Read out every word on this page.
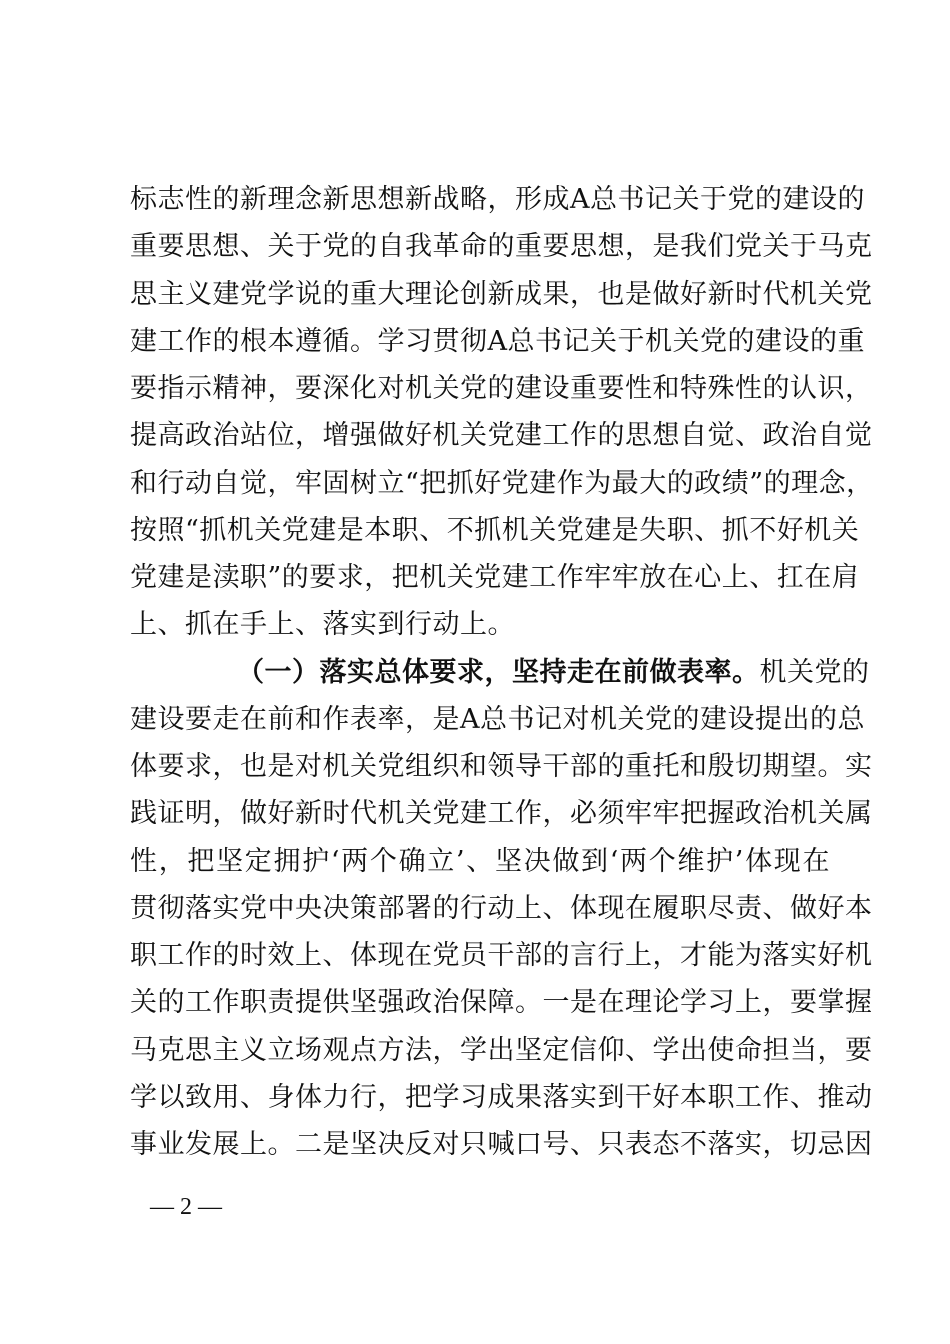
标志性的新理念新思想新战略，形成A总书记关于党的建设的
重要思想、关于党的自我革命的重要思想，是我们党关于马克
思主义建党学说的重大理论创新成果，也是做好新时代机关党
建工作的根本遵循。学习贯彻A总书记关于机关党的建设的重
要指示精神，要深化对机关党的建设重要性和特殊性的认识，
提高政治站位，增强做好机关党建工作的思想自觉、政治自觉
和行动自觉，牢固树立“把抓好党建作为最大的政绩”的理念，
按照“抓机关党建是本职、不抓机关党建是失职、抓不好机关
党建是渎职”的要求，把机关党建工作牢牢放在心上、扛在肩
上、抓在手上、落实到行动上。
（一）落实总体要求，坚持走在前做表率。机关党的
建设要走在前和作表率，是A总书记对机关党的建设提出的总
体要求，也是对机关党组织和领导干部的重托和殷切期望。实
践证明，做好新时代机关党建工作，必须牢牢把握政治机关属
性，把坚定拥护‘两个确立’、坚决做到‘两个维护’体现在
贯彻落实党中央决策部署的行动上、体现在履职尽责、做好本
职工作的时效上、体现在党员干部的言行上，才能为落实好机
关的工作职责提供坚强政治保障。一是在理论学习上，要掌握
马克思主义立场观点方法，学出坚定信仰、学出使命担当，要
学以致用、身体力行，把学习成果落实到干好本职工作、推动
事业发展上。二是坚决反对只喊口号、只表态不落实，切忌因
— 2 —
